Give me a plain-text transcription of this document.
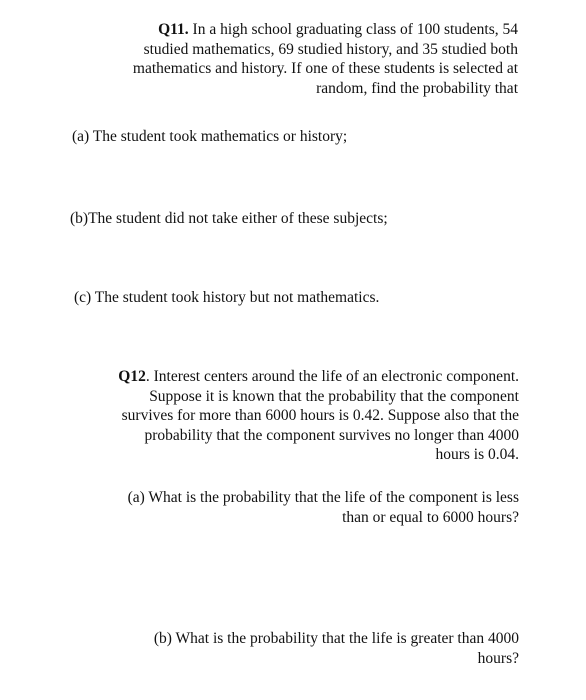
Q11. In a high school graduating class of 100 students, 54
studied mathematics, 69 studied history, and 35 studied both
mathematics and history. If one of these students is selected at
random, find the probability that
(a) The student took mathematics or history;
(b)The student did not take either of these subjects;
(c) The student took history but not mathematics.
Q12. Interest centers around the life of an electronic component.
Suppose it is known that the probability that the component
survives for more than 6000 hours is 0.42. Suppose also that the
probability that the component survives no longer than 4000
hours is 0.04.
(a) What is the probability that the life of the component is less
than or equal to 6000 hours?
(b) What is the probability that the life is greater than 4000
hours?
